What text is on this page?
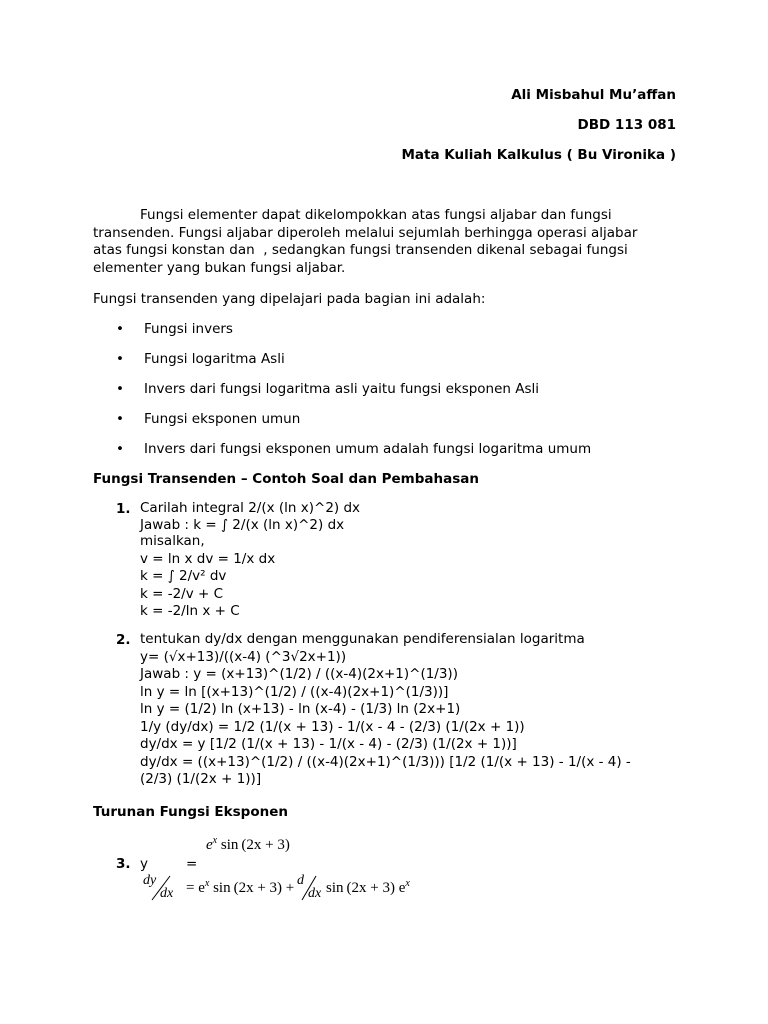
Ali Misbahul Mu’affan
DBD 113 081
Mata Kuliah Kalkulus ( Bu Vironika )
Fungsi elementer dapat dikelompokkan atas fungsi aljabar dan fungsi
transenden. Fungsi aljabar diperoleh melalui sejumlah berhingga operasi aljabar
atas fungsi konstan dan  , sedangkan fungsi transenden dikenal sebagai fungsi
elementer yang bukan fungsi aljabar.
Fungsi transenden yang dipelajari pada bagian ini adalah:
• Fungsi invers
• Fungsi logaritma Asli
• Invers dari fungsi logaritma asli yaitu fungsi eksponen Asli
• Fungsi eksponen umun
• Invers dari fungsi eksponen umum adalah fungsi logaritma umum
Fungsi Transenden – Contoh Soal dan Pembahasan
1. Carilah integral 2/(x (ln x)^2) dx
Jawab : k = ∫ 2/(x (ln x)^2) dx
misalkan,
v = ln x dv = 1/x dx
k = ∫ 2/v² dv
k = -2/v + C
k = -2/ln x + C
2. tentukan dy/dx dengan menggunakan pendiferensialan logaritma
y= (√x+13)/((x-4) (^3√2x+1))
Jawab : y = (x+13)^(1/2) / ((x-4)(2x+1)^(1/3))
ln y = ln [(x+13)^(1/2) / ((x-4)(2x+1)^(1/3))]
ln y = (1/2) ln (x+13) - ln (x-4) - (1/3) ln (2x+1)
1/y (dy/dx) = 1/2 (1/(x + 13) - 1/(x - 4 - (2/3) (1/(2x + 1))
dy/dx = y [1/2 (1/(x + 13) - 1/(x - 4) - (2/3) (1/(2x + 1))]
dy/dx = ((x+13)^(1/2) / ((x-4)(2x+1)^(1/3))) [1/2 (1/(x + 13) - 1/(x - 4) -
(2/3) (1/(2x + 1))]
Turunan Fungsi Eksponen
$e^x$ sin (2x + 3)
3. y	=
dy
dx = $e^x$ sin (2x + 3) + d
dx sin (2x + 3) $e^x$
